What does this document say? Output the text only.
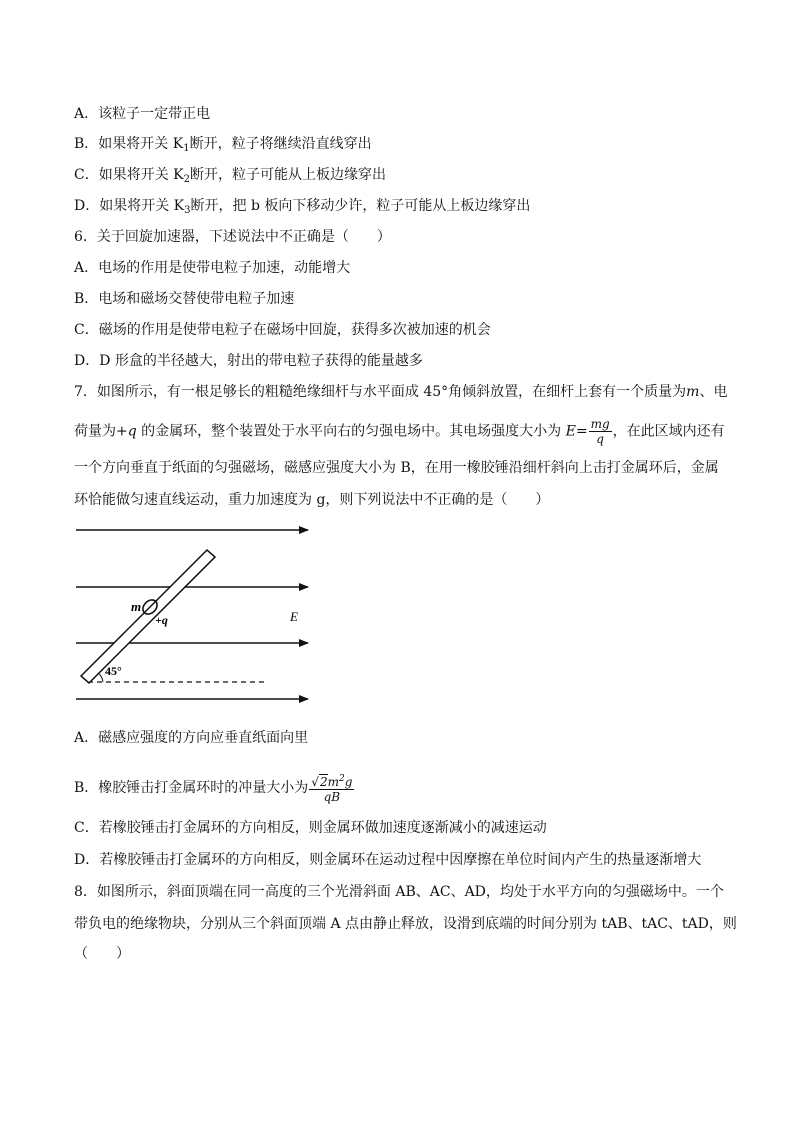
A．该粒子一定带正电
B．如果将开关 $K_1$断开，粒子将继续沿直线穿出
C．如果将开关 $K_2$断开，粒子可能从上板边缘穿出
D．如果将开关 $K_3$断开，把 b 板向下移动少许，粒子可能从上板边缘穿出
6．关于回旋加速器，下述说法中不正确是（　　）
A．电场的作用是使带电粒子加速，动能增大
B．电场和磁场交替使带电粒子加速
C．磁场的作用是使带电粒子在磁场中回旋，获得多次被加速的机会
D．D 形盒的半径越大，射出的带电粒子获得的能量越多
7．如图所示，有一根足够长的粗糙绝缘细杆与水平面成 45°角倾斜放置，在细杆上套有一个质量为m、电
荷量为+q 的金属环，整个装置处于水平向右的匀强电场中。其电场强度大小为 $E= \frac{mg}{q}$ ，在此区域内还有
一个方向垂直于纸面的匀强磁场，磁感应强度大小为 B，在用一橡胶锤沿细杆斜向上击打金属环后，金属
环恰能做匀速直线运动，重力加速度为 g，则下列说法中不正确的是（　　）
m
+q	E
45°
A．磁感应强度的方向应垂直纸面向里
B．橡胶锤击打金属环时的冲量大小为 $\frac{√2m^2g}{qB}$
C．若橡胶锤击打金属环的方向相反，则金属环做加速度逐渐减小的减速运动
D．若橡胶锤击打金属环的方向相反，则金属环在运动过程中因摩擦在单位时间内产生的热量逐渐增大
8．如图所示，斜面顶端在同一高度的三个光滑斜面 AB、AC、AD，均处于水平方向的匀强磁场中。一个
带负电的绝缘物块，分别从三个斜面顶端 A 点由静止释放，设滑到底端的时间分别为 tAB、tAC、tAD，则
（　　）
